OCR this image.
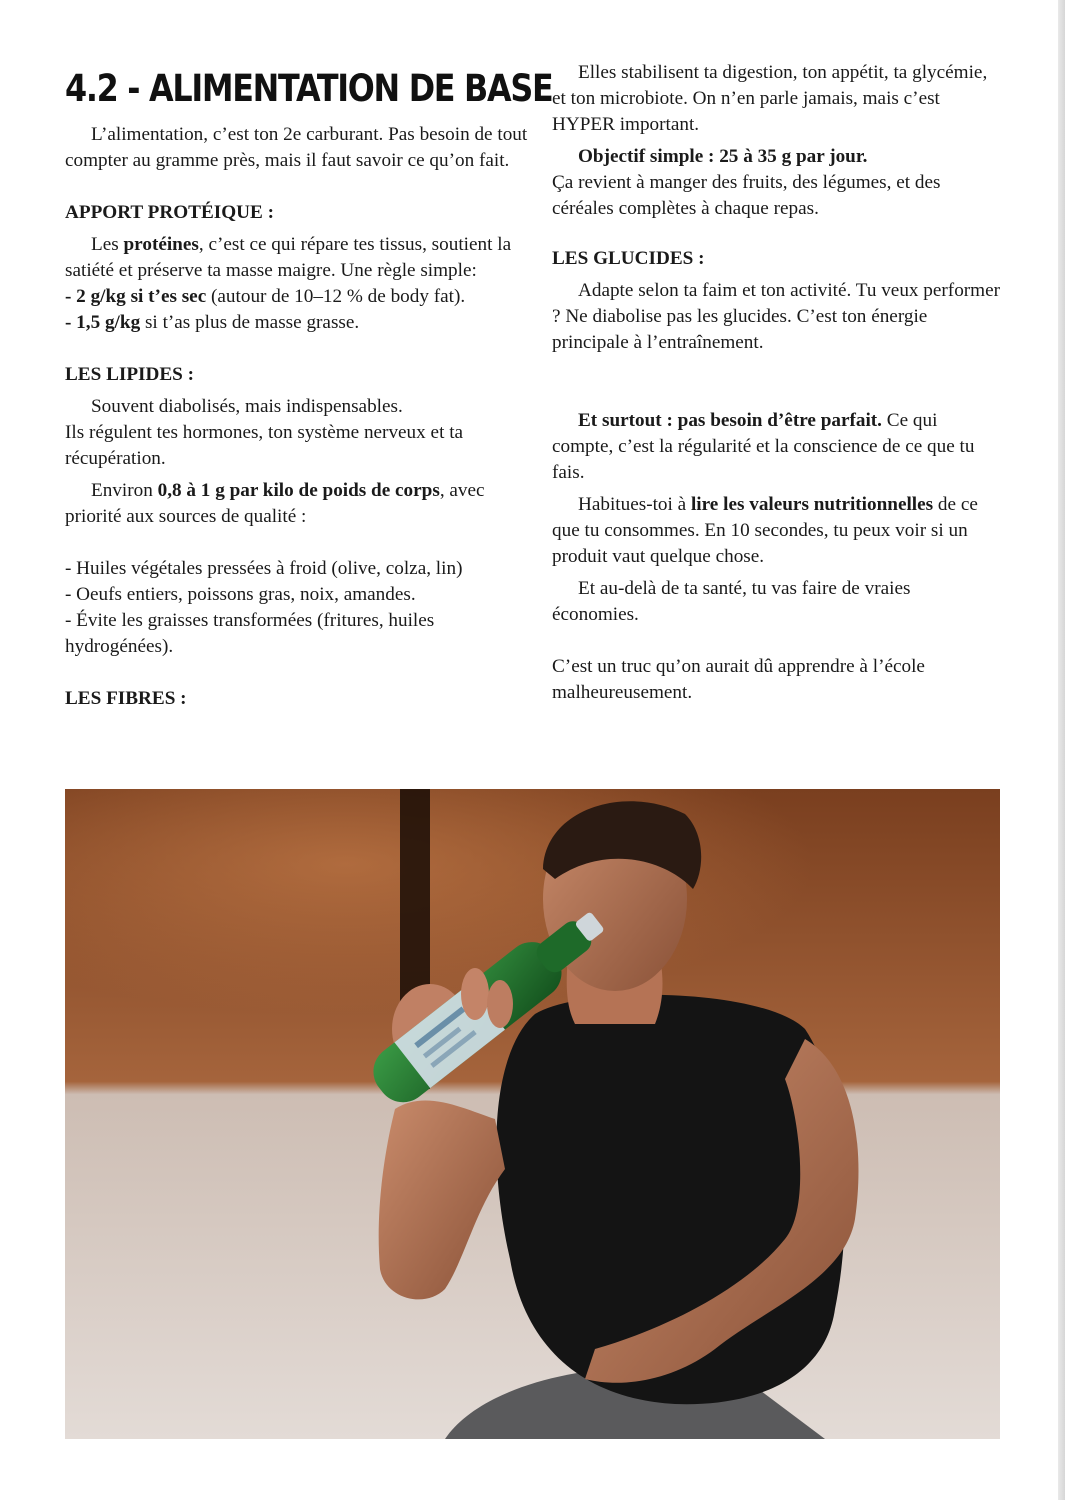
4.2 - ALIMENTATION DE BASE

L’alimentation, c’est ton 2e carburant. Pas besoin de tout compter au gramme près, mais il faut savoir ce qu’on fait.

APPORT PROTÉIQUE :

Les protéines, c’est ce qui répare tes tissus, soutient la satiété et préserve ta masse maigre. Une règle simple:

- 2 g/kg si t’es sec (autour de 10–12 % de body fat).

- 1,5 g/kg si t’as plus de masse grasse.

LES LIPIDES :

Souvent diabolisés, mais indispensables.

Ils régulent tes hormones, ton système nerveux et ta récupération.

Environ 0,8 à 1 g par kilo de poids de corps, avec priorité aux sources de qualité :

- Huiles végétales pressées à froid (olive, colza, lin)

- Oeufs entiers, poissons gras, noix, amandes.

- Évite les graisses transformées (fritures, huiles hydrogénées).

LES FIBRES :

Elles stabilisent ta digestion, ton appétit, ta glycémie, et ton microbiote. On n’en parle jamais, mais c’est HYPER important.

Objectif simple : 25 à 35 g par jour.

Ça revient à manger des fruits, des légumes, et des céréales complètes à chaque repas.

LES GLUCIDES :

Adapte selon ta faim et ton activité. Tu veux performer ? Ne diabolise pas les glucides. C’est ton énergie principale à l’entraînement.

Et surtout : pas besoin d’être parfait. Ce qui compte, c’est la régularité et la conscience de ce que tu fais.

Habitues-toi à lire les valeurs nutritionnelles de ce que tu consommes. En 10 secondes, tu peux voir si un produit vaut quelque chose.

Et au-delà de ta santé, tu vas faire de vraies économies.

C’est un truc qu’on aurait dû apprendre à l’école malheureusement.
